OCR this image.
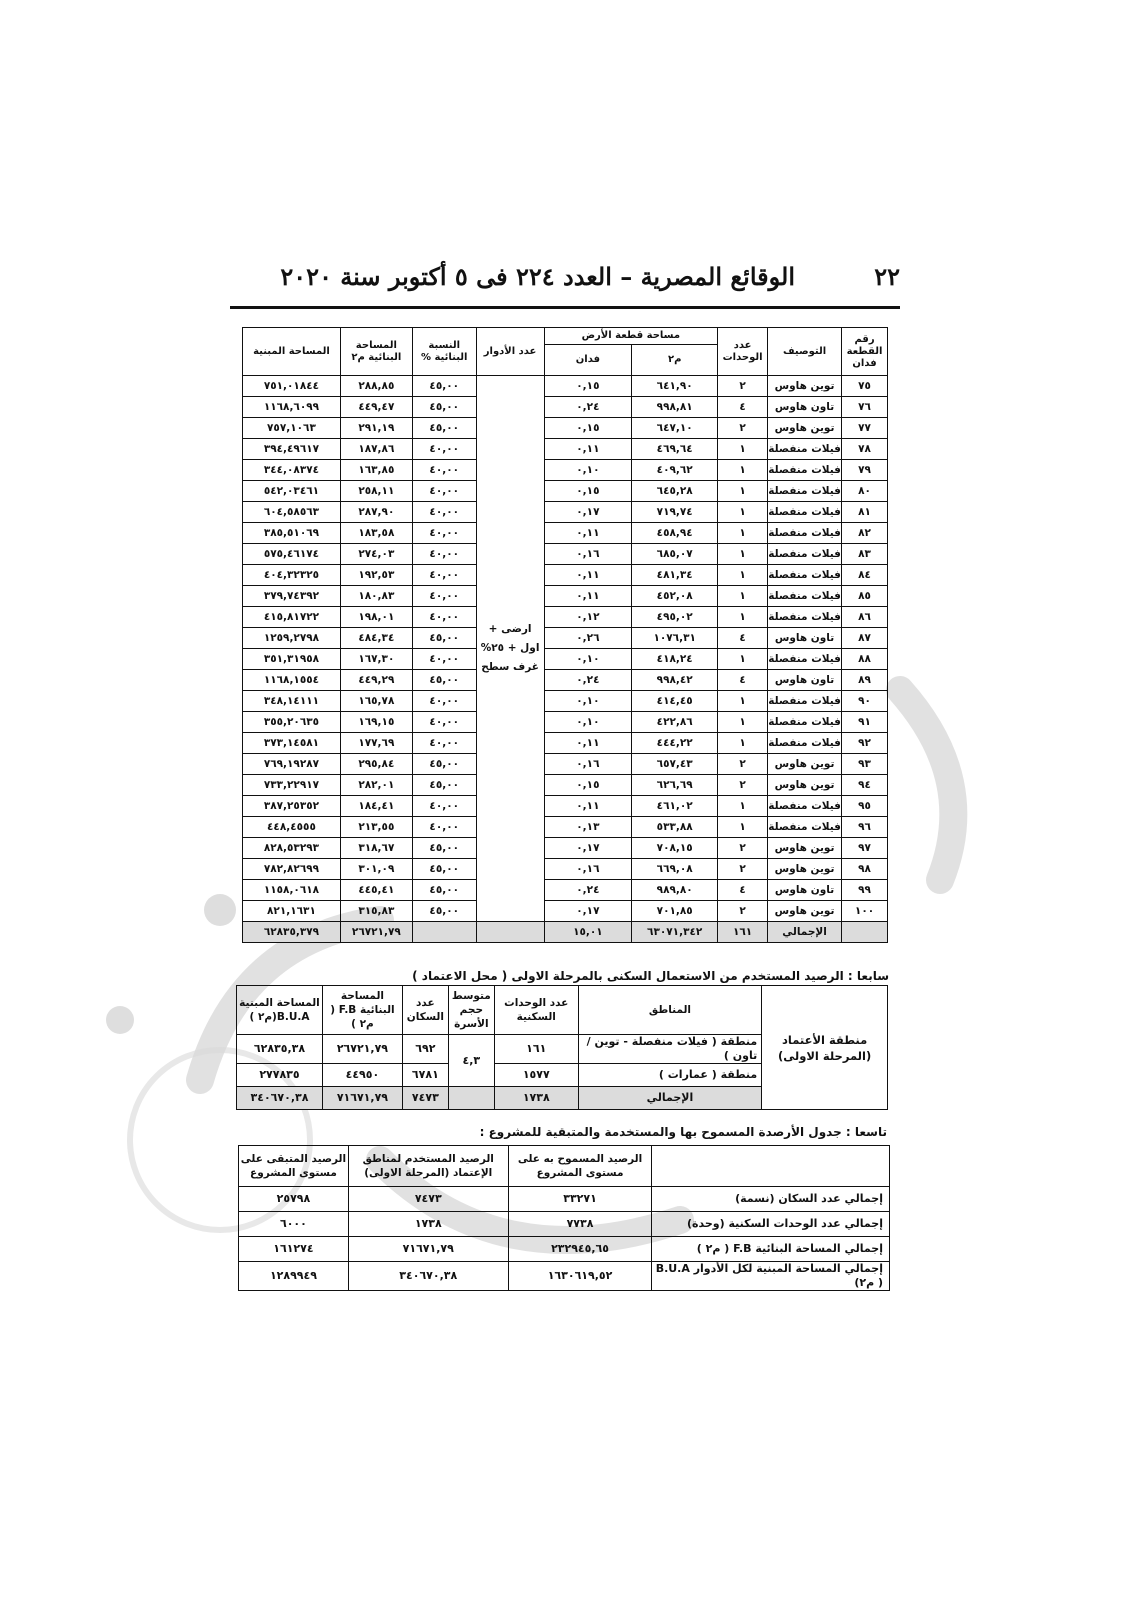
٢٢
الوقائع المصرية – العدد ٢٢٤ فى ٥ أكتوبر سنة ٢٠٢٠
رقم القطعة فدان	التوصيف	عدد الوحدات	مساحة قطعة الأرض		عدد الأدوار	النسبة البنائية %	المساحة البنائية م٢	المساحة المبنية
			م٢	فدان				
٧٥	توين هاوس	٢	٦٤١,٩٠	٠,١٥	ارضى + اول + ٢٥% غرف سطح	٤٥,٠٠	٢٨٨,٨٥	٧٥١,٠١٨٤٤
٧٦	تاون هاوس	٤	٩٩٨,٨١	٠,٢٤		٤٥,٠٠	٤٤٩,٤٧	١١٦٨,٦٠٩٩
٧٧	توين هاوس	٢	٦٤٧,١٠	٠,١٥		٤٥,٠٠	٢٩١,١٩	٧٥٧,١٠٦٣
٧٨	فيلات منفصلة	١	٤٦٩,٦٤	٠,١١		٤٠,٠٠	١٨٧,٨٦	٣٩٤,٤٩٦١٧
٧٩	فيلات منفصلة	١	٤٠٩,٦٢	٠,١٠		٤٠,٠٠	١٦٣,٨٥	٣٤٤,٠٨٣٧٤
٨٠	فيلات منفصلة	١	٦٤٥,٢٨	٠,١٥		٤٠,٠٠	٢٥٨,١١	٥٤٢,٠٣٤٦١
٨١	فيلات منفصلة	١	٧١٩,٧٤	٠,١٧		٤٠,٠٠	٢٨٧,٩٠	٦٠٤,٥٨٥٦٣
٨٢	فيلات منفصلة	١	٤٥٨,٩٤	٠,١١		٤٠,٠٠	١٨٣,٥٨	٣٨٥,٥١٠٦٩
٨٣	فيلات منفصلة	١	٦٨٥,٠٧	٠,١٦		٤٠,٠٠	٢٧٤,٠٣	٥٧٥,٤٦١٧٤
٨٤	فيلات منفصلة	١	٤٨١,٣٤	٠,١١		٤٠,٠٠	١٩٢,٥٣	٤٠٤,٣٢٣٢٥
٨٥	فيلات منفصلة	١	٤٥٢,٠٨	٠,١١		٤٠,٠٠	١٨٠,٨٣	٣٧٩,٧٤٣٩٢
٨٦	فيلات منفصلة	١	٤٩٥,٠٢	٠,١٢		٤٠,٠٠	١٩٨,٠١	٤١٥,٨١٧٢٢
٨٧	تاون هاوس	٤	١٠٧٦,٣١	٠,٢٦		٤٥,٠٠	٤٨٤,٣٤	١٢٥٩,٢٧٩٨
٨٨	فيلات منفصلة	١	٤١٨,٢٤	٠,١٠		٤٠,٠٠	١٦٧,٣٠	٣٥١,٣١٩٥٨
٨٩	تاون هاوس	٤	٩٩٨,٤٢	٠,٢٤		٤٥,٠٠	٤٤٩,٢٩	١١٦٨,١٥٥٤
٩٠	فيلات منفصلة	١	٤١٤,٤٥	٠,١٠		٤٠,٠٠	١٦٥,٧٨	٣٤٨,١٤١١١
٩١	فيلات منفصلة	١	٤٢٢,٨٦	٠,١٠		٤٠,٠٠	١٦٩,١٥	٣٥٥,٢٠٦٣٥
٩٢	فيلات منفصلة	١	٤٤٤,٢٢	٠,١١		٤٠,٠٠	١٧٧,٦٩	٣٧٣,١٤٥٨١
٩٣	توين هاوس	٢	٦٥٧,٤٣	٠,١٦		٤٥,٠٠	٢٩٥,٨٤	٧٦٩,١٩٢٨٧
٩٤	توين هاوس	٢	٦٢٦,٦٩	٠,١٥		٤٥,٠٠	٢٨٢,٠١	٧٣٣,٢٢٩١٧
٩٥	فيلات منفصلة	١	٤٦١,٠٢	٠,١١		٤٠,٠٠	١٨٤,٤١	٣٨٧,٢٥٣٥٢
٩٦	فيلات منفصلة	١	٥٣٣,٨٨	٠,١٣		٤٠,٠٠	٢١٣,٥٥	٤٤٨,٤٥٥٥
٩٧	توين هاوس	٢	٧٠٨,١٥	٠,١٧		٤٥,٠٠	٣١٨,٦٧	٨٢٨,٥٣٢٩٣
٩٨	توين هاوس	٢	٦٦٩,٠٨	٠,١٦		٤٥,٠٠	٣٠١,٠٩	٧٨٢,٨٢٦٩٩
٩٩	تاون هاوس	٤	٩٨٩,٨٠	٠,٢٤		٤٥,٠٠	٤٤٥,٤١	١١٥٨,٠٦١٨
١٠٠	توين هاوس	٢	٧٠١,٨٥	٠,١٧		٤٥,٠٠	٣١٥,٨٣	٨٢١,١٦٣١
	الإجمالي	١٦١	٦٣٠٧١,٣٤٢	١٥,٠١			٢٦٧٢١,٧٩	٦٢٨٣٥,٣٧٩
سابعا : الرصيد المستخدم من الاستعمال السكنى بالمرحلة الاولى ( محل الاعتماد )
منطقة الأعتماد (المرحلة الاولى)	المناطق	عدد الوحدات السكنية	متوسط حجم الأسرة	عدد السكان	المساحة البنائية F.B ( م٢ )	المساحة المبنية B.U.A(م٢ )
	منطقة ( فيلات منفصلة - توين /تاون )	١٦١	٤,٣	٦٩٢	٢٦٧٢١,٧٩	٦٢٨٣٥,٣٨
	منطقة ( عمارات )	١٥٧٧		٦٧٨١	٤٤٩٥٠	٢٧٧٨٣٥
	الإجمالي	١٧٣٨		٧٤٧٣	٧١٦٧١,٧٩	٣٤٠٦٧٠,٣٨
تاسعا : جدول الأرصدة المسموح بها والمستخدمة والمتبقية للمشروع :
	الرصيد المسموح به على مستوى المشروع	الرصيد المستخدم لمناطق الإعتماد (المرحلة الاولى)	الرصيد المتبقى على مستوى المشروع
إجمالي عدد السكان (نسمة)	٣٣٢٧١	٧٤٧٣	٢٥٧٩٨
إجمالي عدد الوحدات السكنية (وحدة)	٧٧٣٨	١٧٣٨	٦٠٠٠
إجمالي المساحة البنائية F.B ( م٢ )	٢٣٢٩٤٥,٦٥	٧١٦٧١,٧٩	١٦١٢٧٤
إجمالي المساحة المبنية لكل الأدوار B.U.A ( م٢)	١٦٣٠٦١٩,٥٢	٣٤٠٦٧٠,٣٨	١٢٨٩٩٤٩
